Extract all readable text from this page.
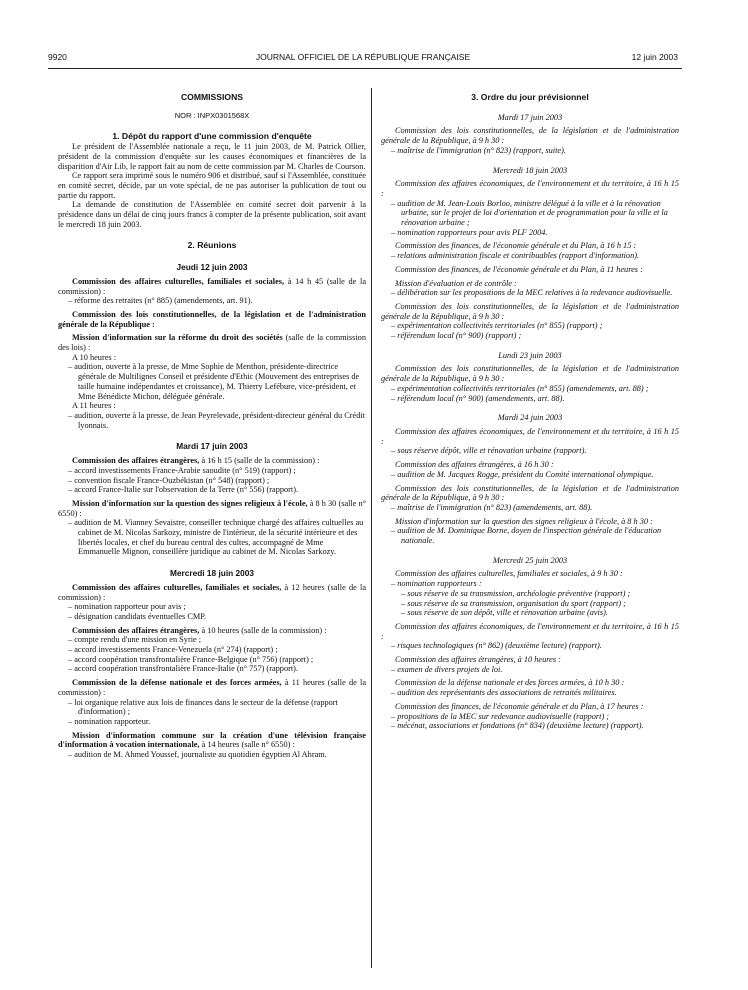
9920	JOURNAL OFFICIEL DE LA RÉPUBLIQUE FRANÇAISE	12 juin 2003

COMMISSIONS

NOR : INPX0301568X

1. Dépôt du rapport d'une commission d'enquête

Le président de l'Assemblée nationale a reçu, le 11 juin 2003, de M. Patrick Ollier, président de la commission d'enquête sur les causes économiques et financières de la disparition d'Air Lib, le rapport fait au nom de cette commission par M. Charles de Courson.

Ce rapport sera imprimé sous le numéro 906 et distribué, sauf si l'Assemblée, constituée en comité secret, décide, par un vote spécial, de ne pas autoriser la publication de tout ou partie du rapport.

La demande de constitution de l'Assemblée en comité secret doit parvenir à la présidence dans un délai de cinq jours francs à compter de la présente publication, soit avant le mercredi 18 juin 2003.

2. Réunions

Jeudi 12 juin 2003

Commission des affaires culturelles, familiales et sociales, à 14 h 45 (salle de la commission) :

– réforme des retraites (n° 885) (amendements, art. 91).

Commission des lois constitutionnelles, de la législation et de l'administration générale de la République :

Mission d'information sur la réforme du droit des sociétés (salle de la commission des lois) :

A 10 heures :

– audition, ouverte à la presse, de Mme Sophie de Menthon, présidente-directrice générale de Multilignes Conseil et présidente d'Ethic (Mouvement des entreprises de taille humaine indépendantes et croissance), M. Thierry Lefébure, vice-président, et Mme Bénédicte Michon, déléguée générale.

A 11 heures :

– audition, ouverte à la presse, de Jean Peyrelevade, président-directeur général du Crédit lyonnais.

Mardi 17 juin 2003

Commission des affaires étrangères, à 16 h 15 (salle de la commission) :

– accord investissements France-Arabie saoudite (n° 519) (rapport) ;

– convention fiscale France-Ouzbékistan (n° 548) (rapport) ;

– accord France-Italie sur l'observation de la Terre (n° 556) (rapport).

Mission d'information sur la question des signes religieux à l'école, à 8 h 30 (salle n° 6550) :

– audition de M. Vianney Sevaistre, conseiller technique chargé des affaires cultuelles au cabinet de M. Nicolas Sarkozy, ministre de l'intérieur, de la sécurité intérieure et des libertés locales, et chef du bureau central des cultes, accompagné de Mme Emmanuelle Mignon, conseillère juridique au cabinet de M. Nicolas Sarkozy.

Mercredi 18 juin 2003

Commission des affaires culturelles, familiales et sociales, à 12 heures (salle de la commission) :

– nomination rapporteur pour avis ;

– désignation candidats éventuelles CMP.

Commission des affaires étrangères, à 10 heures (salle de la commission) :

– compte rendu d'une mission en Syrie ;

– accord investissements France-Venezuela (n° 274) (rapport) ;

– accord coopération transfrontalière France-Belgique (n° 756) (rapport) ;

– accord coopération transfrontalière France-Italie (n° 757) (rapport).

Commission de la défense nationale et des forces armées, à 11 heures (salle de la commission) :

– loi organique relative aux lois de finances dans le secteur de la défense (rapport d'information) ;

– nomination rapporteur.

Mission d'information commune sur la création d'une télévision française d'information à vocation internationale, à 14 heures (salle n° 6550) :

– audition de M. Ahmed Youssef, journaliste au quotidien égyptien Al Ahram.

3. Ordre du jour prévisionnel

Mardi 17 juin 2003

Commission des lois constitutionnelles, de la législation et de l'administration générale de la République, à 9 h 30 :

– maîtrise de l'immigration (n° 823) (rapport, suite).

Mercredi 18 juin 2003

Commission des affaires économiques, de l'environnement et du territoire, à 16 h 15 :

– audition de M. Jean-Louis Borloo, ministre délégué à la ville et à la rénovation urbaine, sur le projet de loi d'orientation et de programmation pour la ville et la rénovation urbaine ;

– nomination rapporteurs pour avis PLF 2004.

Commission des finances, de l'économie générale et du Plan, à 16 h 15 :

– relations administration fiscale et contribuables (rapport d'information).

Commission des finances, de l'économie générale et du Plan, à 11 heures :

Mission d'évaluation et de contrôle :

– délibération sur les propositions de la MEC relatives à la redevance audiovisuelle.

Commission des lois constitutionnelles, de la législation et de l'administration générale de la République, à 9 h 30 :

– expérimentation collectivités territoriales (n° 855) (rapport) ;

– référendum local (n° 900) (rapport) ;

Lundi 23 juin 2003

Commission des lois constitutionnelles, de la législation et de l'administration générale de la République, à 9 h 30 :

– expérimentation collectivités territoriales (n° 855) (amendements, art. 88) ;

– référendum local (n° 900) (amendements, art. 88).

Mardi 24 juin 2003

Commission des affaires économiques, de l'environnement et du territoire, à 16 h 15 :

– sous réserve dépôt, ville et rénovation urbaine (rapport).

Commission des affaires étrangères, à 16 h 30 :

– audition de M. Jacques Rogge, président du Comité international olympique.

Commission des lois constitutionnelles, de la législation et de l'administration générale de la République, à 9 h 30 :

– maîtrise de l'immigration (n° 823) (amendements, art. 88).

Mission d'information sur la question des signes religieux à l'école, à 8 h 30 :

– audition de M. Dominique Borne, doyen de l'inspection générale de l'éducation nationale.

Mercredi 25 juin 2003

Commission des affaires culturelles, familiales et sociales, à 9 h 30 :

– nomination rapporteurs :

– sous réserve de sa transmission, archéologie préventive (rapport) ;

– sous réserve de sa transmission, organisation du sport (rapport) ;

– sous réserve de son dépôt, ville et rénovation urbaine (avis).

Commission des affaires économiques, de l'environnement et du territoire, à 16 h 15 :

– risques technologiques (n° 862) (deuxième lecture) (rapport).

Commission des affaires étrangères, à 10 heures :

– examen de divers projets de loi.

Commission de la défense nationale et des forces armées, à 10 h 30 :

– audition des représentants des associations de retraités militaires.

Commission des finances, de l'économie générale et du Plan, à 17 heures :

– propositions de la MEC sur redevance audiovisuelle (rapport) ;

– mécénat, associations et fondations (n° 834) (deuxième lecture) (rapport).
